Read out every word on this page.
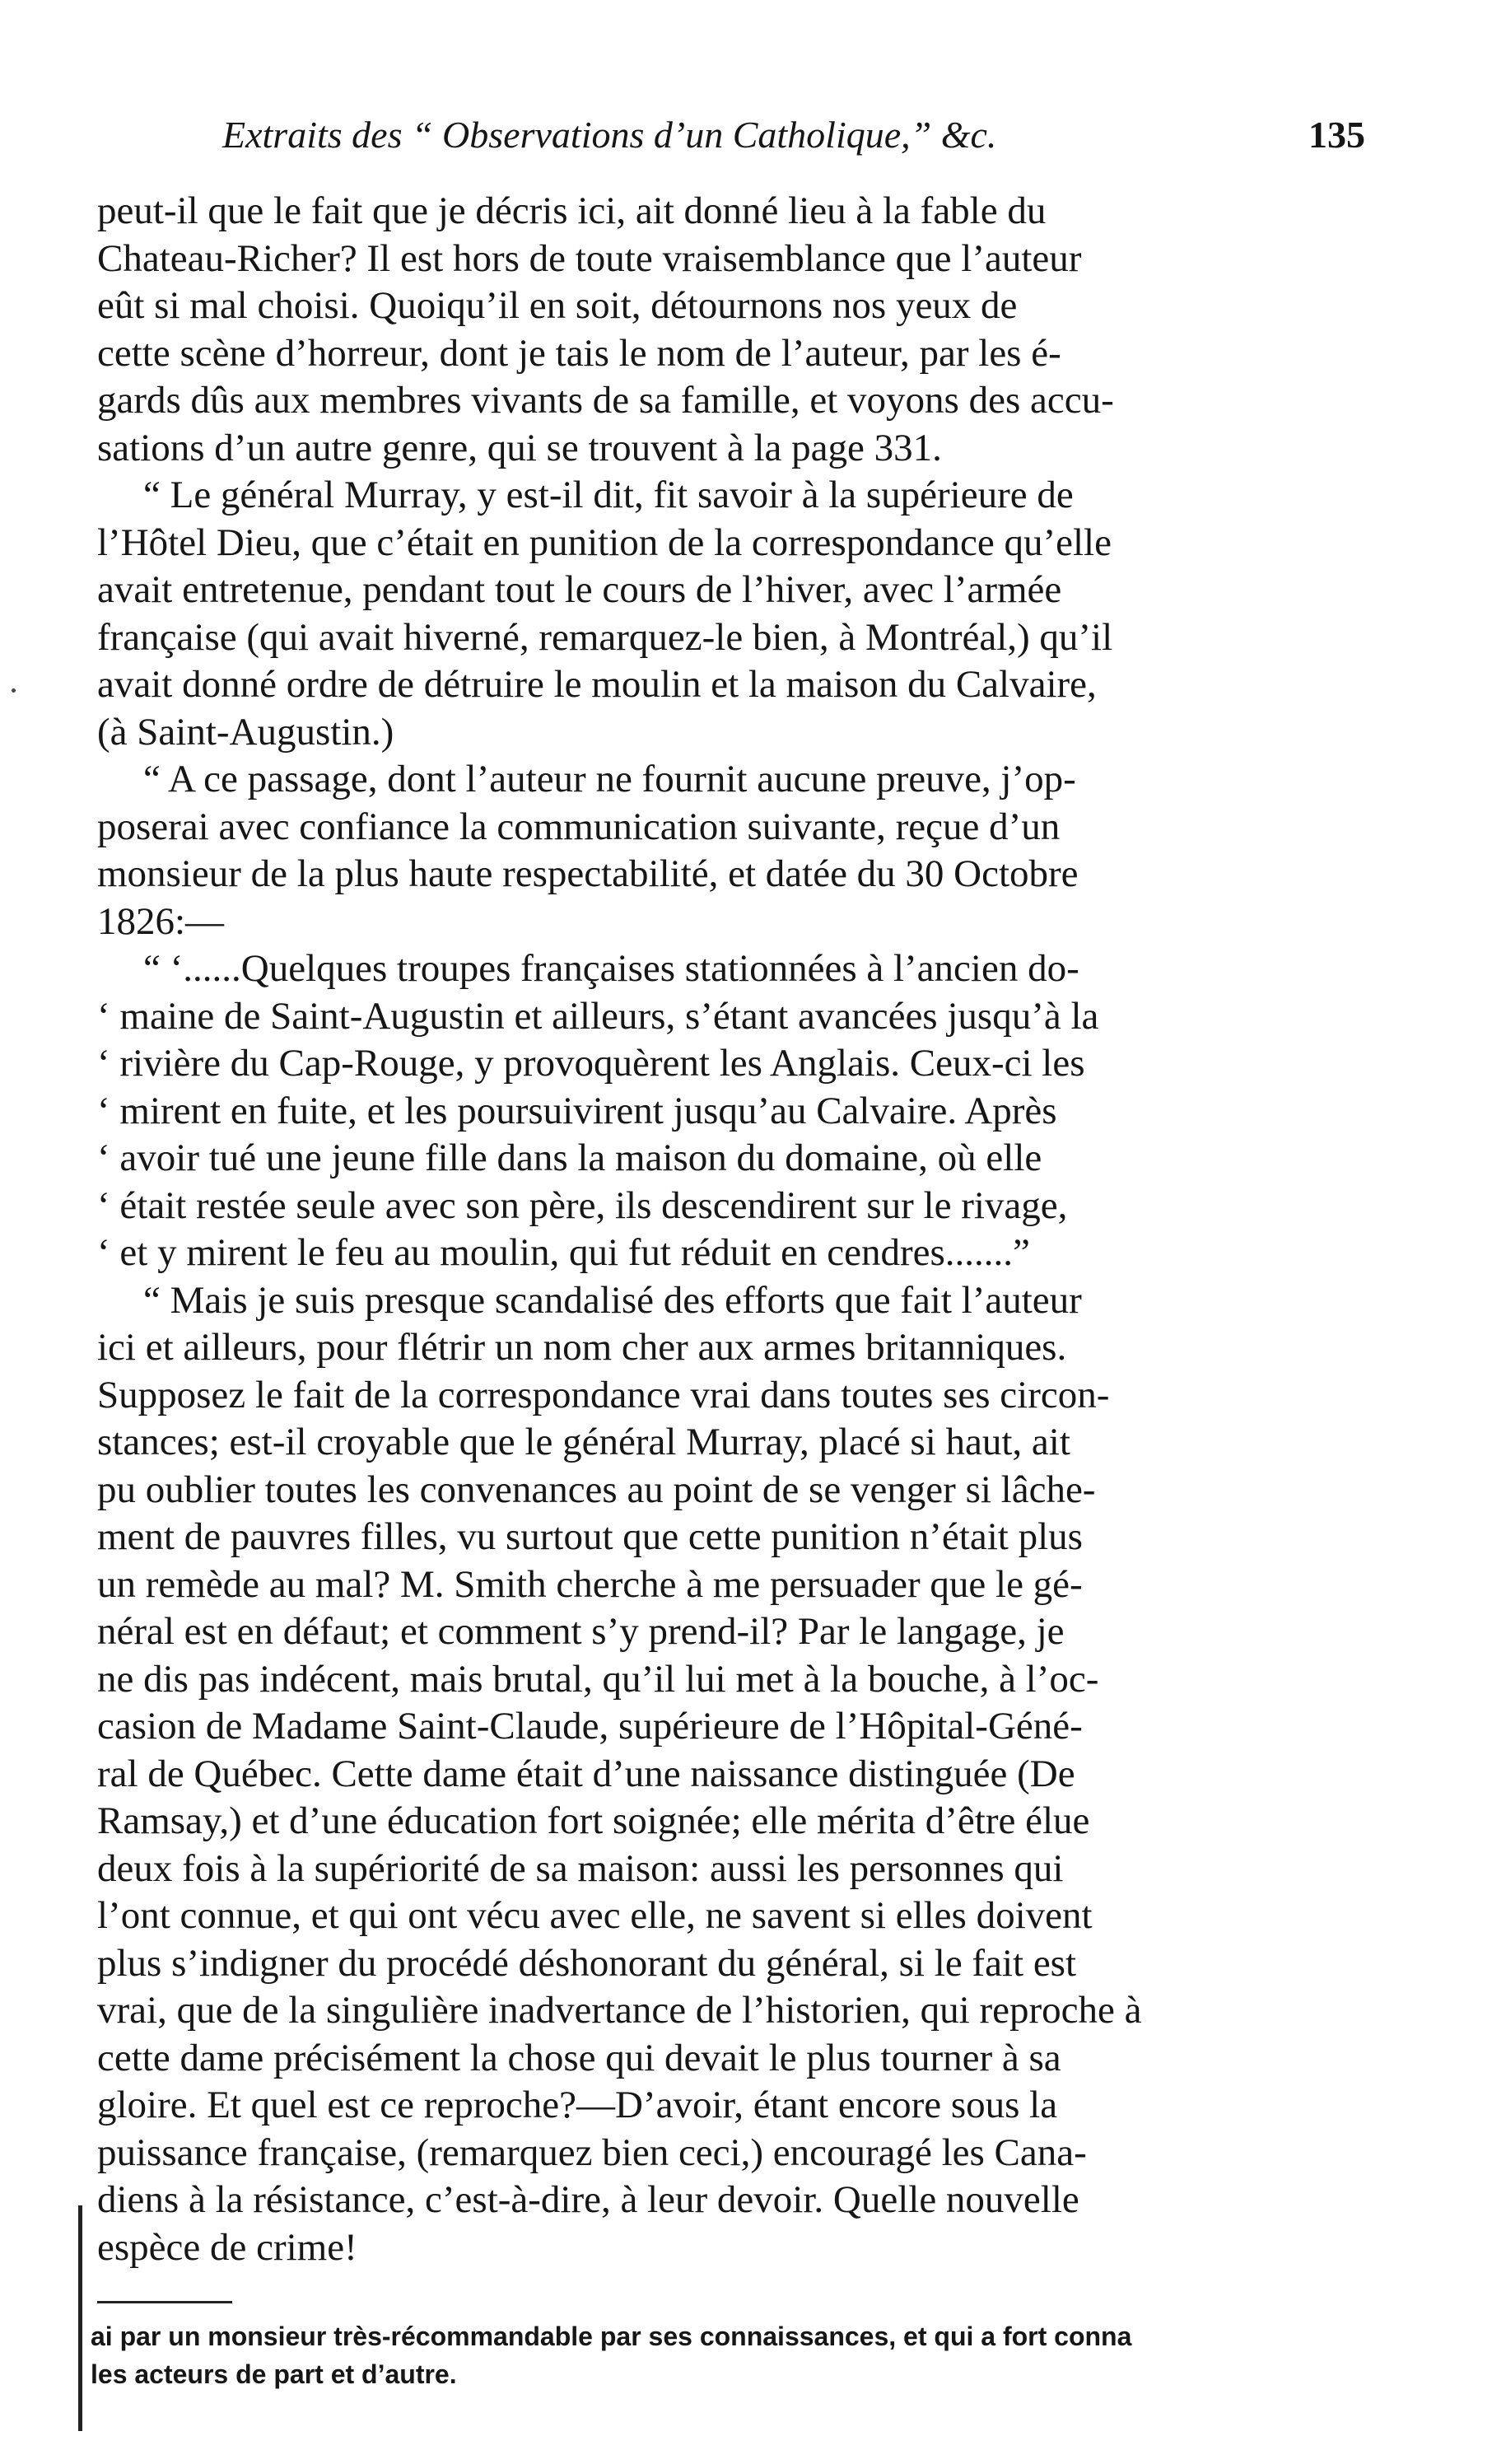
Extraits des “ Observations d’un Catholique,” &c.	135

peut-il que le fait que je décris ici, ait donné lieu à la fable du
Chateau-Richer? Il est hors de toute vraisemblance que l’auteur
eût si mal choisi. Quoiqu’il en soit, détournons nos yeux de
cette scène d’horreur, dont je tais le nom de l’auteur, par les é-
gards dûs aux membres vivants de sa famille, et voyons des accu-
sations d’un autre genre, qui se trouvent à la page 331.

“ Le général Murray, y est-il dit, fit savoir à la supérieure de
l’Hôtel Dieu, que c’était en punition de la correspondance qu’elle
avait entretenue, pendant tout le cours de l’hiver, avec l’armée
française (qui avait hiverné, remarquez-le bien, à Montréal,) qu’il
avait donné ordre de détruire le moulin et la maison du Calvaire,
(à Saint-Augustin.)

“ A ce passage, dont l’auteur ne fournit aucune preuve, j’op-
poserai avec confiance la communication suivante, reçue d’un
monsieur de la plus haute respectabilité, et datée du 30 Octobre
1826:—

“ ‘......Quelques troupes françaises stationnées à l’ancien do-
‘ maine de Saint-Augustin et ailleurs, s’étant avancées jusqu’à la
‘ rivière du Cap-Rouge, y provoquèrent les Anglais. Ceux-ci les
‘ mirent en fuite, et les poursuivirent jusqu’au Calvaire. Après
‘ avoir tué une jeune fille dans la maison du domaine, où elle
‘ était restée seule avec son père, ils descendirent sur le rivage,
‘ et y mirent le feu au moulin, qui fut réduit en cendres.......”

“ Mais je suis presque scandalisé des efforts que fait l’auteur
ici et ailleurs, pour flétrir un nom cher aux armes britanniques.
Supposez le fait de la correspondance vrai dans toutes ses circon-
stances; est-il croyable que le général Murray, placé si haut, ait
pu oublier toutes les convenances au point de se venger si lâche-
ment de pauvres filles, vu surtout que cette punition n’était plus
un remède au mal? M. Smith cherche à me persuader que le gé-
néral est en défaut; et comment s’y prend-il? Par le langage, je
ne dis pas indécent, mais brutal, qu’il lui met à la bouche, à l’oc-
casion de Madame Saint-Claude, supérieure de l’Hôpital-Géné-
ral de Québec. Cette dame était d’une naissance distinguée (De
Ramsay,) et d’une éducation fort soignée; elle mérita d’être élue
deux fois à la supériorité de sa maison: aussi les personnes qui
l’ont connue, et qui ont vécu avec elle, ne savent si elles doivent
plus s’indigner du procédé déshonorant du général, si le fait est
vrai, que de la singulière inadvertance de l’historien, qui reproche à
cette dame précisément la chose qui devait le plus tourner à sa
gloire. Et quel est ce reproche?—D’avoir, étant encore sous la
puissance française, (remarquez bien ceci,) encouragé les Cana-
diens à la résistance, c’est-à-dire, à leur devoir. Quelle nouvelle
espèce de crime!

ai par un monsieur très-récommandable par ses connaissances, et qui a fort conna
les acteurs de part et d’autre.
